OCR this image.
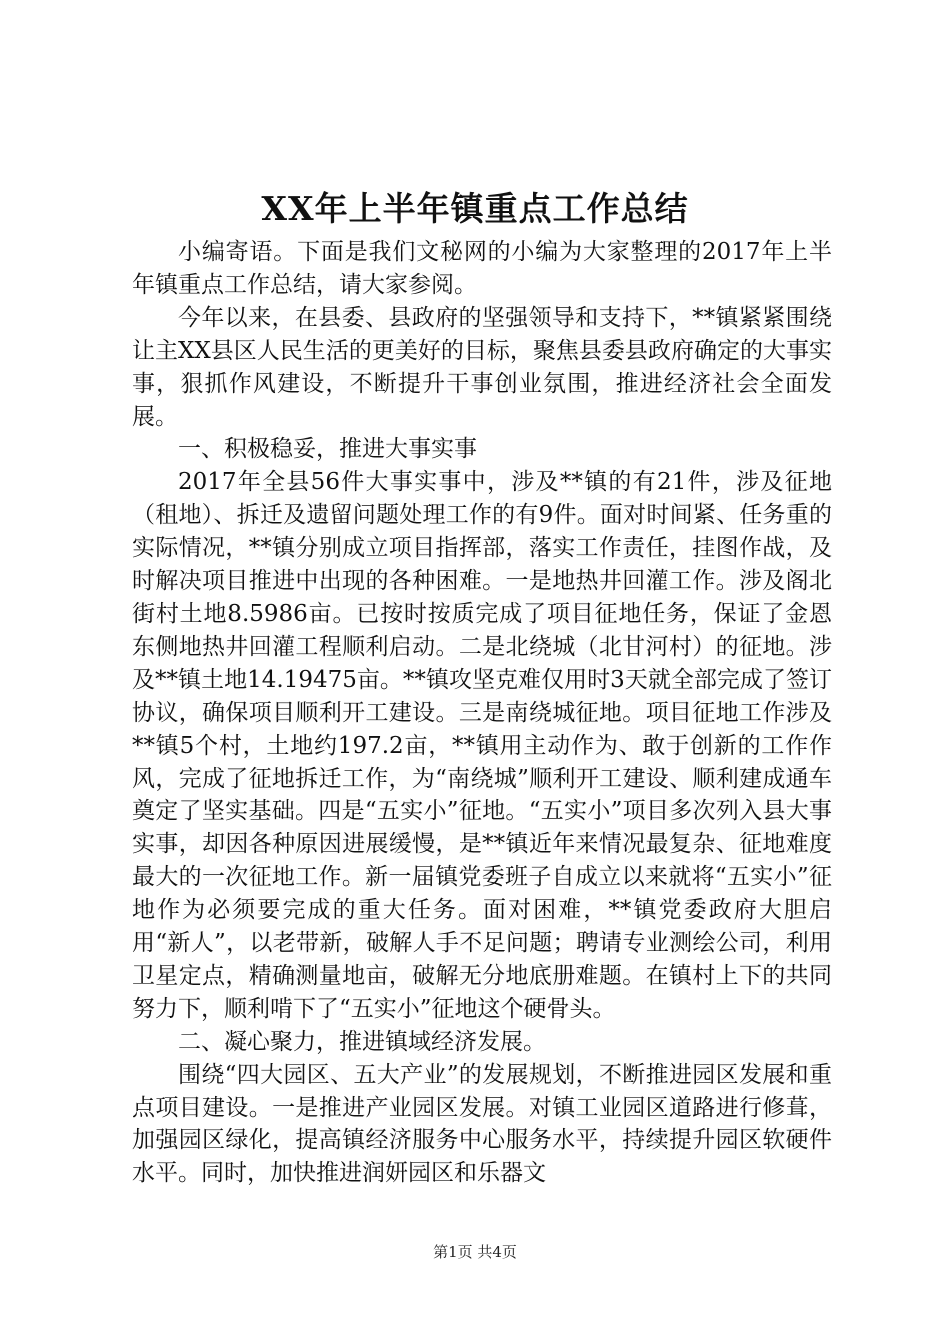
XX年上半年镇重点工作总结

小编寄语。下面是我们文秘网的小编为大家整理的2017年上半年镇重点工作总结，请大家参阅。

今年以来，在县委、县政府的坚强领导和支持下，**镇紧紧围绕让主XX县区人民生活的更美好的目标，聚焦县委县政府确定的大事实事，狠抓作风建设，不断提升干事创业氛围，推进经济社会全面发展。

一、积极稳妥，推进大事实事

2017年全县56件大事实事中，涉及**镇的有21件，涉及征地（租地）、拆迁及遗留问题处理工作的有9件。面对时间紧、任务重的实际情况，**镇分别成立项目指挥部，落实工作责任，挂图作战，及时解决项目推进中出现的各种困难。一是地热井回灌工作。涉及阁北街村土地8.5986亩。已按时按质完成了项目征地任务，保证了金恩东侧地热井回灌工程顺利启动。二是北绕城（北甘河村）的征地。涉及**镇土地14.19475亩。**镇攻坚克难仅用时3天就全部完成了签订协议，确保项目顺利开工建设。三是南绕城征地。项目征地工作涉及**镇5个村，土地约197.2亩，**镇用主动作为、敢于创新的工作作风，完成了征地拆迁工作，为“南绕城”顺利开工建设、顺利建成通车奠定了坚实基础。四是“五实小”征地。“五实小”项目多次列入县大事实事，却因各种原因进展缓慢，是**镇近年来情况最复杂、征地难度最大的一次征地工作。新一届镇党委班子自成立以来就将“五实小”征地作为必须要完成的重大任务。面对困难，**镇党委政府大胆启用“新人”，以老带新，破解人手不足问题；聘请专业测绘公司，利用卫星定点，精确测量地亩，破解无分地底册难题。在镇村上下的共同努力下，顺利啃下了“五实小”征地这个硬骨头。

二、凝心聚力，推进镇域经济发展。

围绕“四大园区、五大产业”的发展规划，不断推进园区发展和重点项目建设。一是推进产业园区发展。对镇工业园区道路进行修葺，加强园区绿化，提高镇经济服务中心服务水平，持续提升园区软硬件水平。同时，加快推进润妍园区和乐器文

第1页 共4页
